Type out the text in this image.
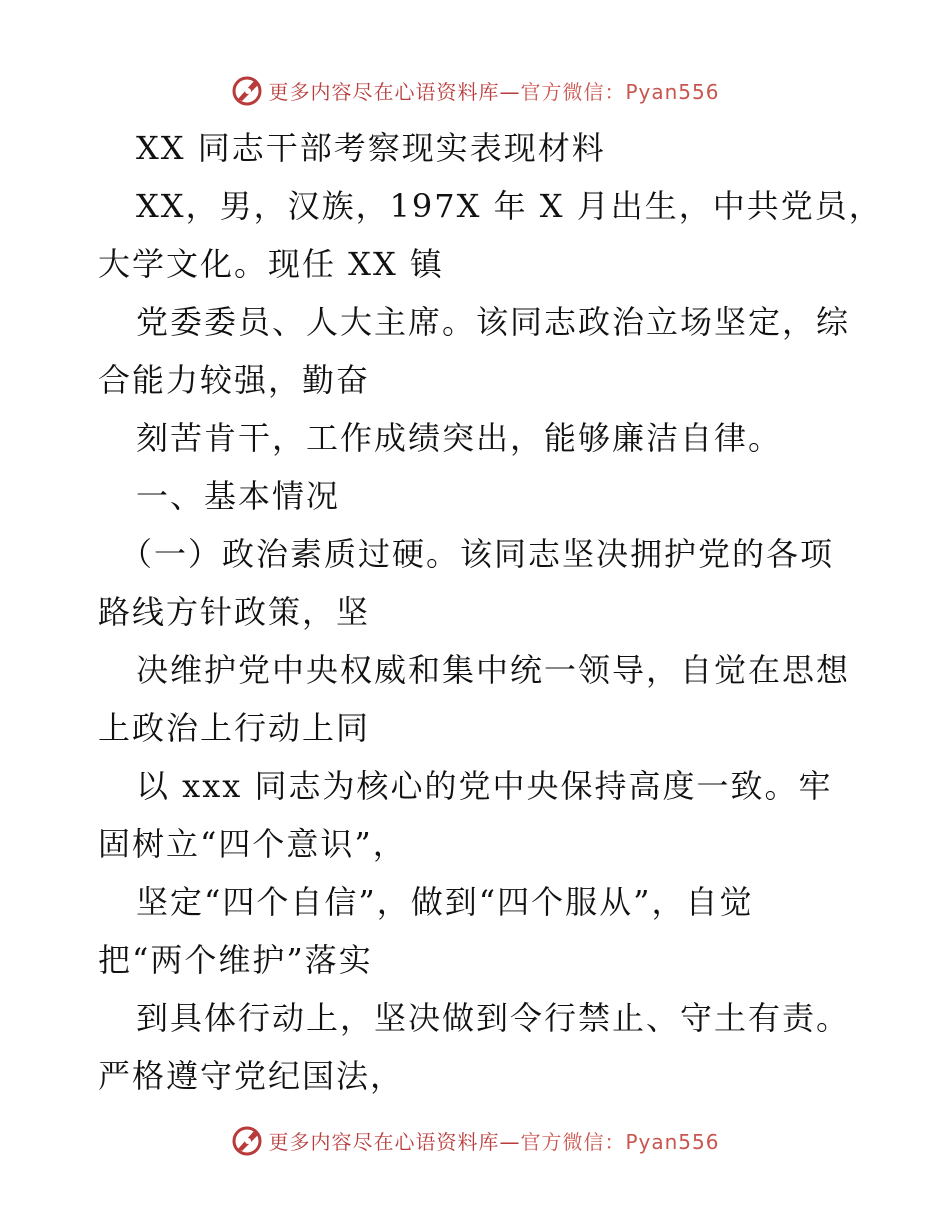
更多内容尽在心语资料库—官方微信：Pyan556
XX 同志干部考察现实表现材料
XX，男，汉族，197X 年 X 月出生，中共党员，
大学文化。现任 XX 镇
党委委员、人大主席。该同志政治立场坚定，综
合能力较强，勤奋
刻苦肯干，工作成绩突出，能够廉洁自律。
一、基本情况
（一）政治素质过硬。该同志坚决拥护党的各项
路线方针政策，坚
决维护党中央权威和集中统一领导，自觉在思想
上政治上行动上同
以 xxx 同志为核心的党中央保持高度一致。牢
固树立“四个意识”，
坚定“四个自信”，做到“四个服从”，自觉
把“两个维护”落实
到具体行动上，坚决做到令行禁止、守土有责。
严格遵守党纪国法，
更多内容尽在心语资料库—官方微信：Pyan556
